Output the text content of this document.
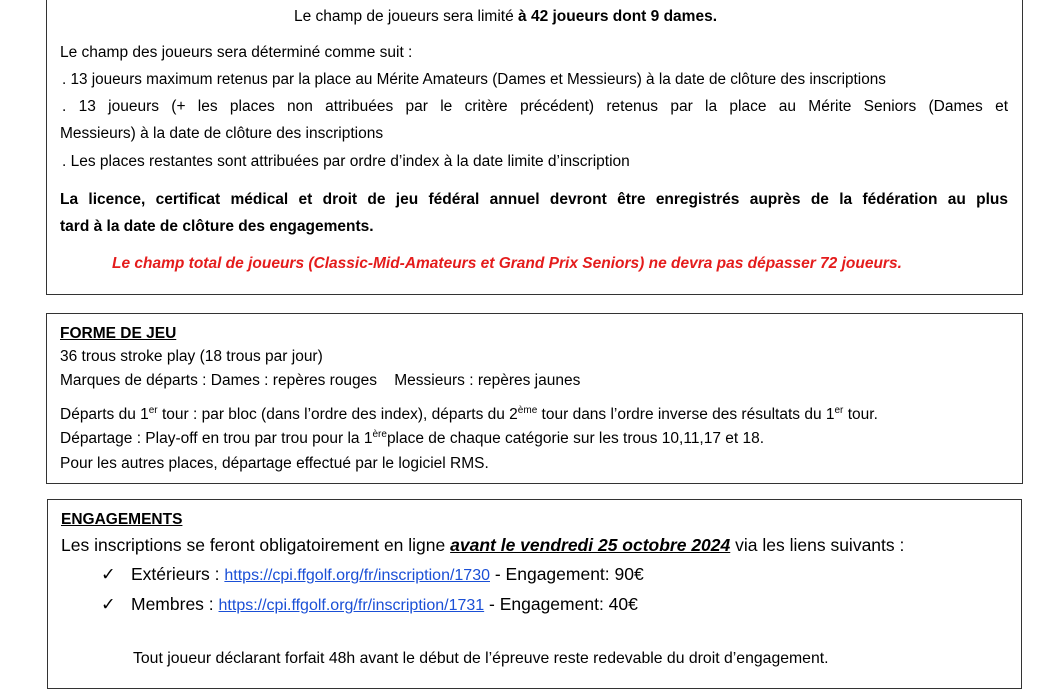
Le champ de joueurs sera limité à 42 joueurs dont 9 dames.
Le champ des joueurs sera déterminé comme suit :
. 13 joueurs maximum retenus par la place au Mérite Amateurs (Dames et Messieurs) à la date de clôture des inscriptions
. 13 joueurs (+ les places non attribuées par le critère précédent) retenus par la place au Mérite Seniors (Dames et
Messieurs) à la date de clôture des inscriptions
. Les places restantes sont attribuées par ordre d’index à la date limite d’inscription
La licence, certificat médical et droit de jeu fédéral annuel devront être enregistrés auprès de la fédération au plus
tard à la date de clôture des engagements.
Le champ total de joueurs (Classic-Mid-Amateurs et Grand Prix Seniors) ne devra pas dépasser 72 joueurs.
FORME DE JEU
36 trous stroke play (18 trous par jour)
Marques de départs : Dames : repères rouges    Messieurs : repères jaunes
Départs du 1er tour : par bloc (dans l’ordre des index), départs du 2ème tour dans l’ordre inverse des résultats du 1er tour.
Départage : Play-off en trou par trou pour la 1èreplace de chaque catégorie sur les trous 10,11,17 et 18.
Pour les autres places, départage effectué par le logiciel RMS.
ENGAGEMENTS
Les inscriptions se feront obligatoirement en ligne avant le vendredi 25 octobre 2024 via les liens suivants :
✓ Extérieurs : https://cpi.ffgolf.org/fr/inscription/1730 - Engagement: 90€
✓ Membres : https://cpi.ffgolf.org/fr/inscription/1731 - Engagement: 40€
Tout joueur déclarant forfait 48h avant le début de l’épreuve reste redevable du droit d’engagement.
